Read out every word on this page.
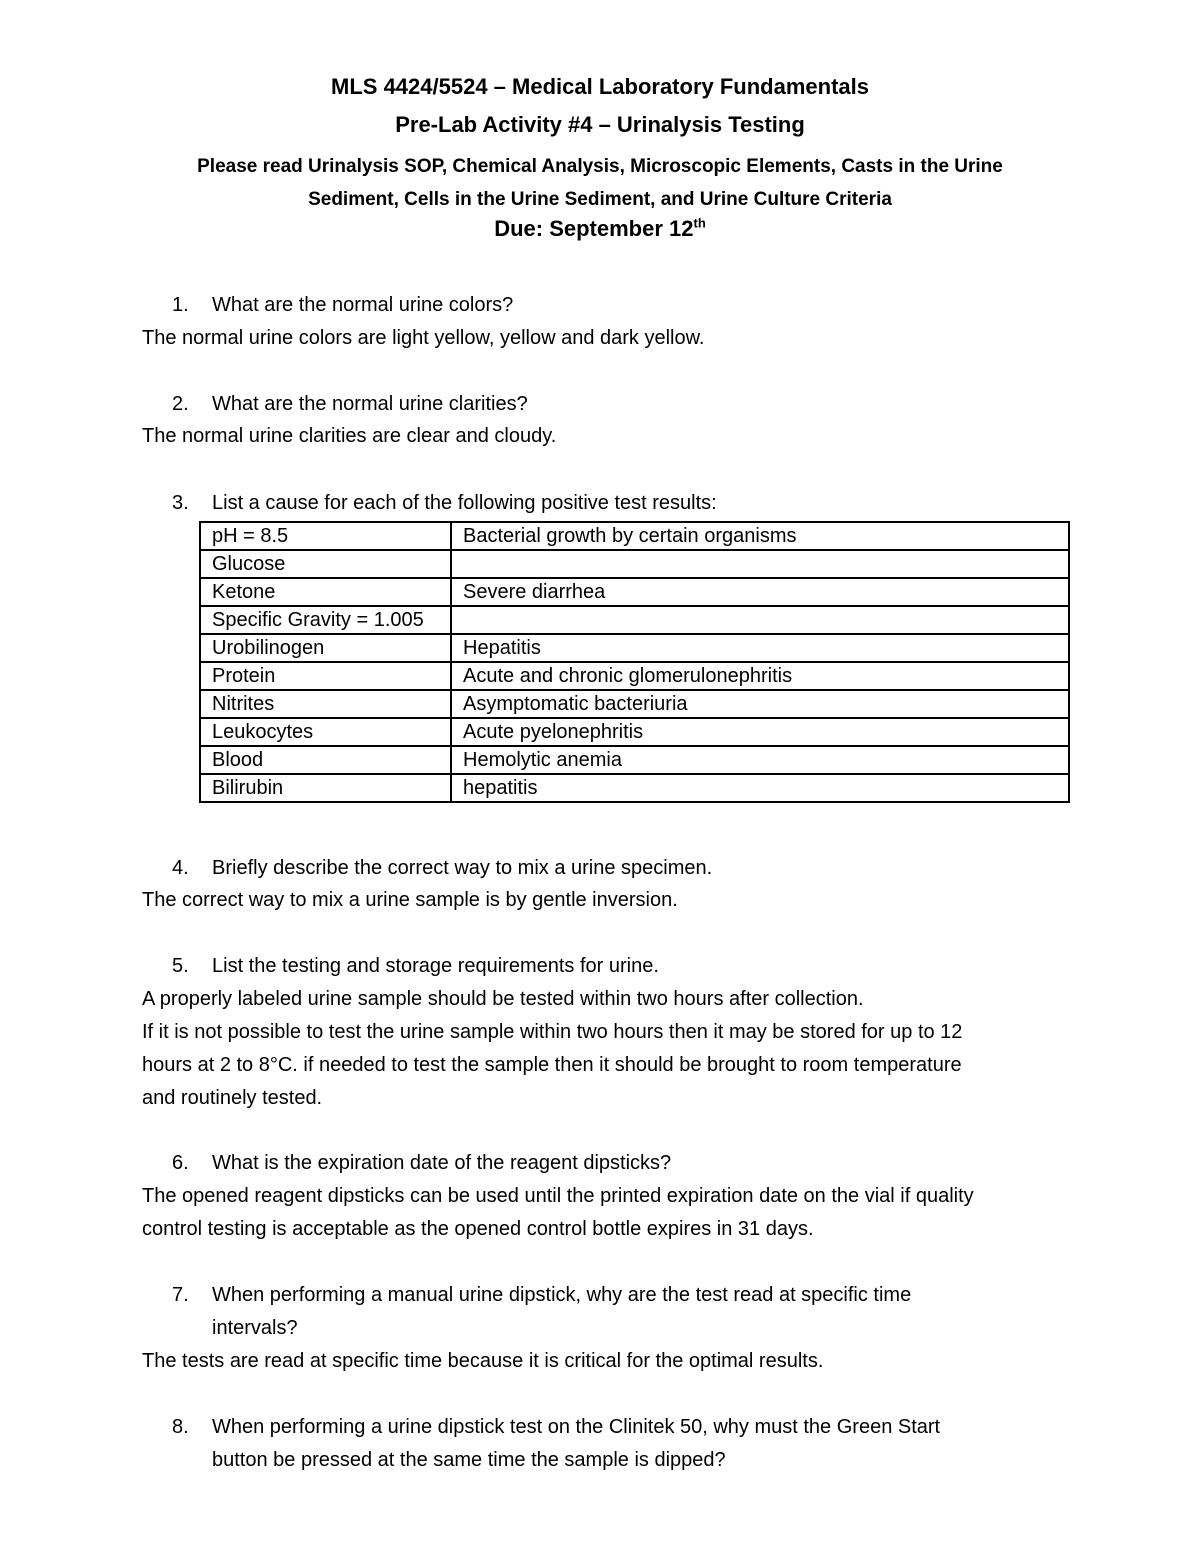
MLS 4424/5524 – Medical Laboratory Fundamentals
Pre-Lab Activity #4 – Urinalysis Testing
Please read Urinalysis SOP, Chemical Analysis, Microscopic Elements, Casts in the Urine
Sediment, Cells in the Urine Sediment, and Urine Culture Criteria
Due: September 12th
1. What are the normal urine colors?
The normal urine colors are light yellow, yellow and dark yellow.
2. What are the normal urine clarities?
The normal urine clarities are clear and cloudy.
3. List a cause for each of the following positive test results:
pH = 8.5	Bacterial growth by certain organisms
Glucose	
Ketone	Severe diarrhea
Specific Gravity = 1.005	
Urobilinogen	Hepatitis
Protein	Acute and chronic glomerulonephritis
Nitrites	Asymptomatic bacteriuria
Leukocytes	Acute pyelonephritis
Blood	Hemolytic anemia
Bilirubin	hepatitis
4. Briefly describe the correct way to mix a urine specimen.
The correct way to mix a urine sample is by gentle inversion.
5. List the testing and storage requirements for urine.
A properly labeled urine sample should be tested within two hours after collection.
If it is not possible to test the urine sample within two hours then it may be stored for up to 12
hours at 2 to 8°C. if needed to test the sample then it should be brought to room temperature
and routinely tested.
6. What is the expiration date of the reagent dipsticks?
The opened reagent dipsticks can be used until the printed expiration date on the vial if quality
control testing is acceptable as the opened control bottle expires in 31 days.
7. When performing a manual urine dipstick, why are the test read at specific time
intervals?
The tests are read at specific time because it is critical for the optimal results.
8. When performing a urine dipstick test on the Clinitek 50, why must the Green Start
button be pressed at the same time the sample is dipped?
